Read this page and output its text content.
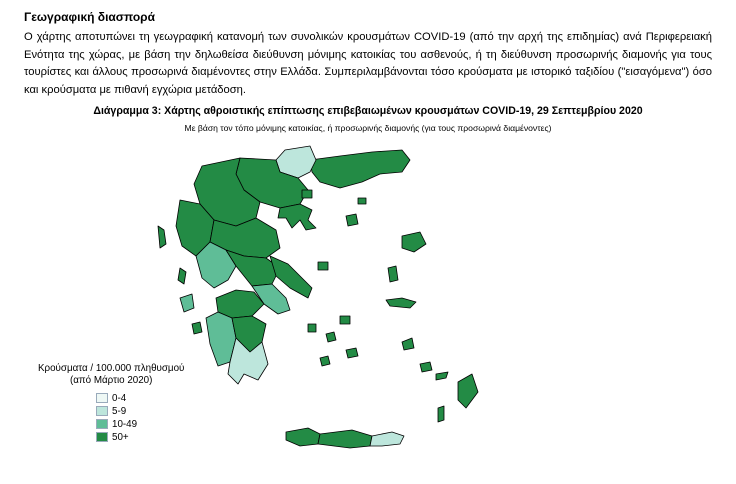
Γεωγραφική διασπορά
Ο χάρτης αποτυπώνει τη γεωγραφική κατανομή των συνολικών κρουσμάτων COVID-19 (από την αρχή της επιδημίας) ανά Περιφερειακή Ενότητα της χώρας, με βάση την δηλωθείσα διεύθυνση μόνιμης κατοικίας του ασθενούς, ή τη διεύθυνση προσωρινής διαμονής για τους τουρίστες και άλλους προσωρινά διαμένοντες στην Ελλάδα. Συμπεριλαμβάνονται τόσο κρούσματα με ιστορικό ταξιδίου ("εισαγόμενα") όσο και κρούσματα με πιθανή εγχώρια μετάδοση.
Διάγραμμα 3: Χάρτης αθροιστικής επίπτωσης επιβεβαιωμένων κρουσμάτων COVID-19, 29 Σεπτεμβρίου 2020
Με βάση τον τόπο μόνιμης κατοικίας, ή προσωρινής διαμονής (για τους προσωρινά διαμένοντες)
Κρούσματα / 100.000 πληθυσμού
(από Μάρτιο 2020)
0-4
5-9
10-49
50+
